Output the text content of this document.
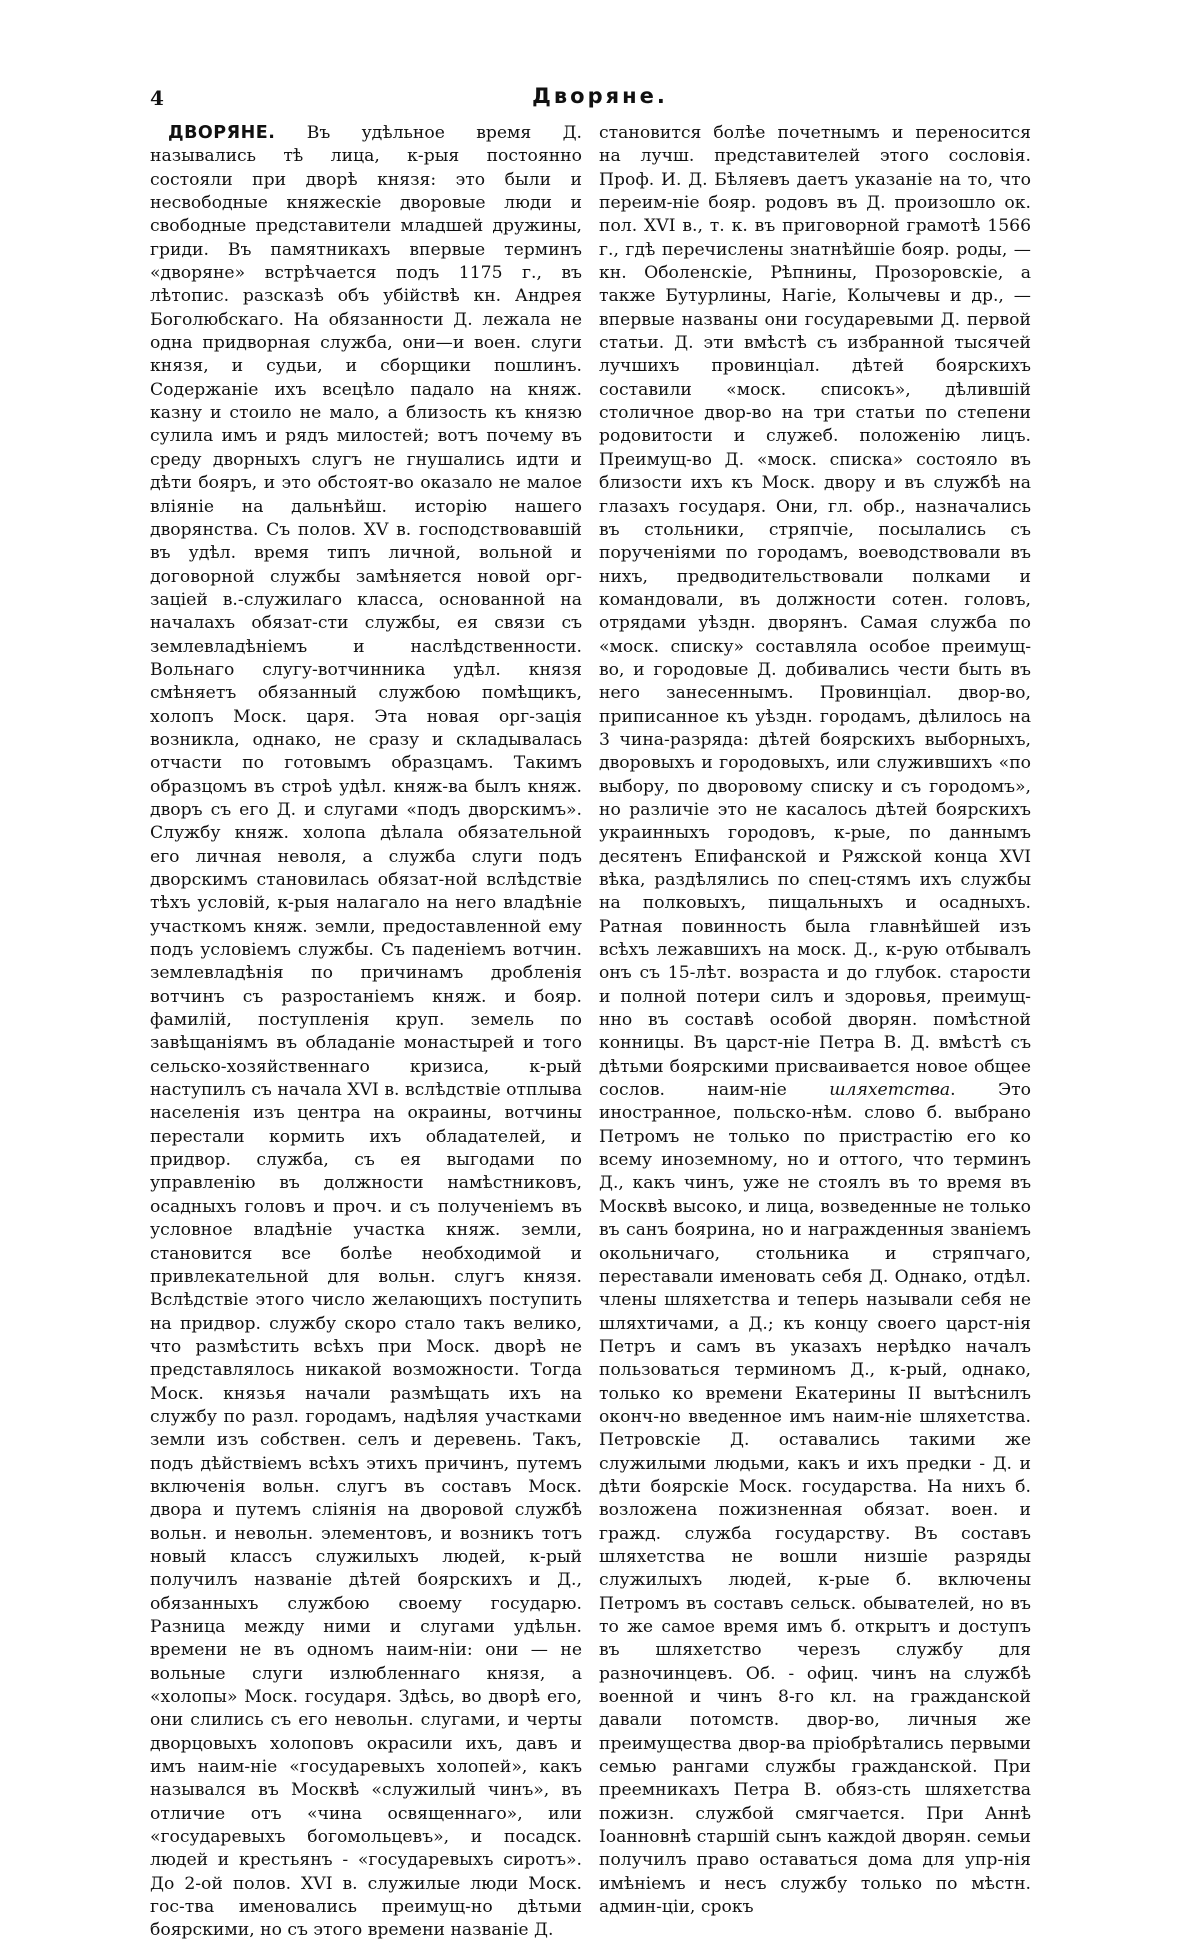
4	Дворяне.

ДВОРЯНЕ. Въ удѣльное время Д. назывались тѣ лица, к-рыя постоянно состояли при дворѣ князя: это были и несвободные княжескіе дворовые люди и свободные представители младшей дружины, гриди. Въ памятникахъ впервые терминъ «дворяне» встрѣчается подъ 1175 г., въ лѣтопис. разсказѣ объ убійствѣ кн. Андрея Боголюбскаго. На обязанности Д. лежала не одна придворная служба, они—и воен. слуги князя, и судьи, и сборщики пошлинъ. Содержаніе ихъ всецѣло падало на княж. казну и стоило не мало, а близость къ князю сулила имъ и рядъ милостей; вотъ почему въ среду дворныхъ слугъ не гнушались идти и дѣти бояръ, и это обстоят-во оказало не малое вліяніе на дальнѣйш. исторію нашего дворянства. Съ полов. XV в. господствовавшій въ удѣл. время типъ личной, вольной и договорной службы замѣняется новой орг-заціей в.-служилаго класса, основанной на началахъ обязат-сти службы, ея связи съ землевладѣніемъ и наслѣдственности. Вольнаго слугу-вотчинника удѣл. князя смѣняетъ обязанный службою помѣщикъ, холопъ Моск. царя. Эта новая орг-зація возникла, однако, не сразу и складывалась отчасти по готовымъ образцамъ. Такимъ образцомъ въ строѣ удѣл. княж-ва былъ княж. дворъ съ его Д. и слугами «подъ дворскимъ». Службу княж. холопа дѣлала обязательной его личная неволя, а служба слуги подъ дворскимъ становилась обязат-ной вслѣдствіе тѣхъ условій, к-рыя налагало на него владѣніе участкомъ княж. земли, предоставленной ему подъ условіемъ службы. Съ паденіемъ вотчин. землевладѣнія по причинамъ дробленія вотчинъ съ разростаніемъ княж. и бояр. фамилій, поступленія круп. земель по завѣщаніямъ въ обладаніе монастырей и того сельско-хозяйственнаго кризиса, к-рый наступилъ съ начала XVI в. вслѣдствіе отплыва населенія изъ центра на окраины, вотчины перестали кормить ихъ обладателей, и придвор. служба, съ ея выгодами по управленію въ должности намѣстниковъ, осадныхъ головъ и проч. и съ полученіемъ въ условное владѣніе участка княж. земли, становится все болѣе необходимой и привлекательной для вольн. слугъ князя. Вслѣдствіе этого число желающихъ поступить на придвор. службу скоро стало такъ велико, что размѣстить всѣхъ при Моск. дворѣ не представлялось никакой возможности. Тогда Моск. князья начали размѣщать ихъ на службу по разл. городамъ, надѣляя участками земли изъ собствен. селъ и деревень. Такъ, подъ дѣйствіемъ всѣхъ этихъ причинъ, путемъ включенія вольн. слугъ въ составъ Моск. двора и путемъ слiянія на дворовой службѣ вольн. и невольн. элементовъ, и возникъ тотъ новый классъ служилыхъ людей, к-рый получилъ названіе дѣтей боярскихъ и Д., обязанныхъ службою своему государю. Разница между ними и слугами удѣльн. времени не въ одномъ наим-ніи: они — не вольные слуги излюбленнаго князя, а «холопы» Моск. государя. Здѣсь, во дворѣ его, они слились съ его невольн. слугами, и черты дворцовыхъ холоповъ окрасили ихъ, давъ и имъ наим-ніе «государевыхъ холопей», какъ назывался въ Москвѣ «служилый чинъ», въ отличие отъ «чина освященнаго», или «государевыхъ богомольцевъ», и посадск. людей и крестьянъ - «государевыхъ сиротъ». До 2-ой полов. XVI в. служилые люди Моск. гос-тва именовались преимущ-но дѣтьми боярскими, но съ этого времени названіе Д.

становится болѣе почетнымъ и переносится на лучш. представителей этого сословія. Проф. И. Д. Бѣляевъ даетъ указаніе на то, что переим-ніе бояр. родовъ въ Д. произошло ок. пол. XVI в., т. к. въ приговорной грамотѣ 1566 г., гдѣ перечислены знатнѣйшіе бояр. роды, — кн. Оболенскіе, Рѣпнины, Прозоровскіе, а также Бутурлины, Нагіе, Колычевы и др., — впервые названы они государевыми Д. первой статьи. Д. эти вмѣстѣ съ избранной тысячей лучшихъ провинціал. дѣтей боярскихъ составили «моск. списокъ», дѣлившій столичное двор-во на три статьи по степени родовитости и служеб. положенію лицъ. Преимущ-во Д. «моск. списка» состояло въ близости ихъ къ Моск. двору и въ службѣ на глазахъ государя. Они, гл. обр., назначались въ стольники, стряпчіе, посылались съ порученіями по городамъ, воеводствовали въ нихъ, предводительствовали полками и командовали, въ должности сотен. головъ, отрядами уѣздн. дворянъ. Самая служба по «моск. списку» составляла особое преимущ-во, и городовые Д. добивались чести быть въ него занесеннымъ. Провинціал. двор-во, приписанное къ уѣздн. городамъ, дѣлилось на 3 чина-разряда: дѣтей боярскихъ выборныхъ, дворовыхъ и городовыхъ, или служившихъ «по выбору, по дворовому списку и съ городомъ», но различіе это не касалось дѣтей боярскихъ украинныхъ городовъ, к-рые, по даннымъ десятенъ Епифанской и Ряжской конца XVI вѣка, раздѣлялись по спец-стямъ ихъ службы на полковыхъ, пищальныхъ и осадныхъ. Ратная повинность была главнѣйшей изъ всѣхъ лежавшихъ на моск. Д., к-рую отбывалъ онъ съ 15-лѣт. возраста и до глубок. старости и полной потери силъ и здоровья, преимущ-нно въ составѣ особой дворян. помѣстной конницы. Въ царст-ніе Петра В. Д. вмѣстѣ съ дѣтьми боярскими присваивается новое общее сослов. наим-ніе шляхетства. Это иностранное, польско-нѣм. слово б. выбрано Петромъ не только по пристрастію его ко всему иноземному, но и оттого, что терминъ Д., какъ чинъ, уже не стоялъ въ то время въ Москвѣ высоко, и лица, возведенные не только въ санъ боярина, но и награжденныя званіемъ окольничаго, стольника и стряпчаго, переставали именовать себя Д. Однако, отдѣл. члены шляхетства и теперь называли себя не шляхтичами, а Д.; къ концу своего царст-нія Петръ и самъ въ указахъ нерѣдко началъ пользоваться терминомъ Д., к-рый, однако, только ко времени Екатерины II вытѣснилъ оконч-но введенное имъ наим-ніе шляхетства. Петровскіе Д. оставались такими же служилыми людьми, какъ и ихъ предки - Д. и дѣти боярскіе Моск. государства. На нихъ б. возложена пожизненная обязат. воен. и гражд. служба государству. Въ составъ шляхетства не вошли низшіе разряды служилыхъ людей, к-рые б. включены Петромъ въ составъ сельск. обывателей, но въ то же самое время имъ б. открытъ и доступъ въ шляхетство черезъ службу для разночинцевъ. Об. - офиц. чинъ на службѣ военной и чинъ 8-го кл. на гражданской давали потомств. двор-во, личныя же преимущества двор-ва пріобрѣтались первыми семью рангами службы гражданской. При преемникахъ Петра В. обяз-сть шляхетства пожизн. службой смягчается. При Аннѣ Іоанновнѣ старшій сынъ каждой дворян. семьи получилъ право оставаться дома для упр-нія имѣніемъ и несъ службу только по мѣстн. админ-ціи, срокъ
